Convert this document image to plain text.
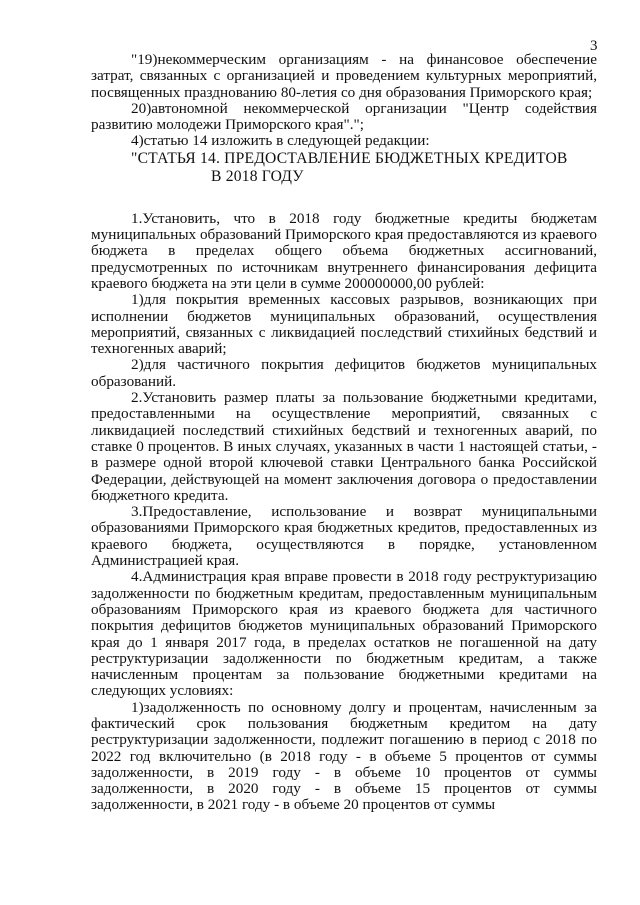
3

"19)некоммерческим организациям - на финансовое обеспечение затрат, связанных с организацией и проведением культурных мероприятий, посвященных празднованию 80-летия со дня образования Приморского края;

20)автономной некоммерческой организации "Центр содействия развитию молодежи Приморского края".";

4)статью 14 изложить в следующей редакции:

"СТАТЬЯ 14. ПРЕДОСТАВЛЕНИЕ БЮДЖЕТНЫХ КРЕДИТОВ
В 2018 ГОДУ

1.Установить, что в 2018 году бюджетные кредиты бюджетам муниципальных образований Приморского края предоставляются из краевого бюджета в пределах общего объема бюджетных ассигнований, предусмотренных по источникам внутреннего финансирования дефицита краевого бюджета на эти цели в сумме 200000000,00 рублей:

1)для покрытия временных кассовых разрывов, возникающих при исполнении бюджетов муниципальных образований, осуществления мероприятий, связанных с ликвидацией последствий стихийных бедствий и техногенных аварий;

2)для частичного покрытия дефицитов бюджетов муниципальных образований.

2.Установить размер платы за пользование бюджетными кредитами, предоставленными на осуществление мероприятий, связанных с ликвидацией последствий стихийных бедствий и техногенных аварий, по ставке 0 процентов. В иных случаях, указанных в части 1 настоящей статьи, - в размере одной второй ключевой ставки Центрального банка Российской Федерации, действующей на момент заключения договора о предоставлении бюджетного кредита.

3.Предоставление, использование и возврат муниципальными образованиями Приморского края бюджетных кредитов, предоставленных из краевого бюджета, осуществляются в порядке, установленном Администрацией края.

4.Администрация края вправе провести в 2018 году реструктуризацию задолженности по бюджетным кредитам, предоставленным муниципальным образованиям Приморского края из краевого бюджета для частичного покрытия дефицитов бюджетов муниципальных образований Приморского края до 1 января 2017 года, в пределах остатков не погашенной на дату реструктуризации задолженности по бюджетным кредитам, а также начисленным процентам за пользование бюджетными кредитами на следующих условиях:

1)задолженность по основному долгу и процентам, начисленным за фактический срок пользования бюджетным кредитом на дату реструктуризации задолженности, подлежит погашению в период с 2018 по 2022 год включительно (в 2018 году - в объеме 5 процентов от суммы задолженности, в 2019 году - в объеме 10 процентов от суммы задолженности, в 2020 году - в объеме 15 процентов от суммы задолженности, в 2021 году - в объеме 20 процентов от суммы
